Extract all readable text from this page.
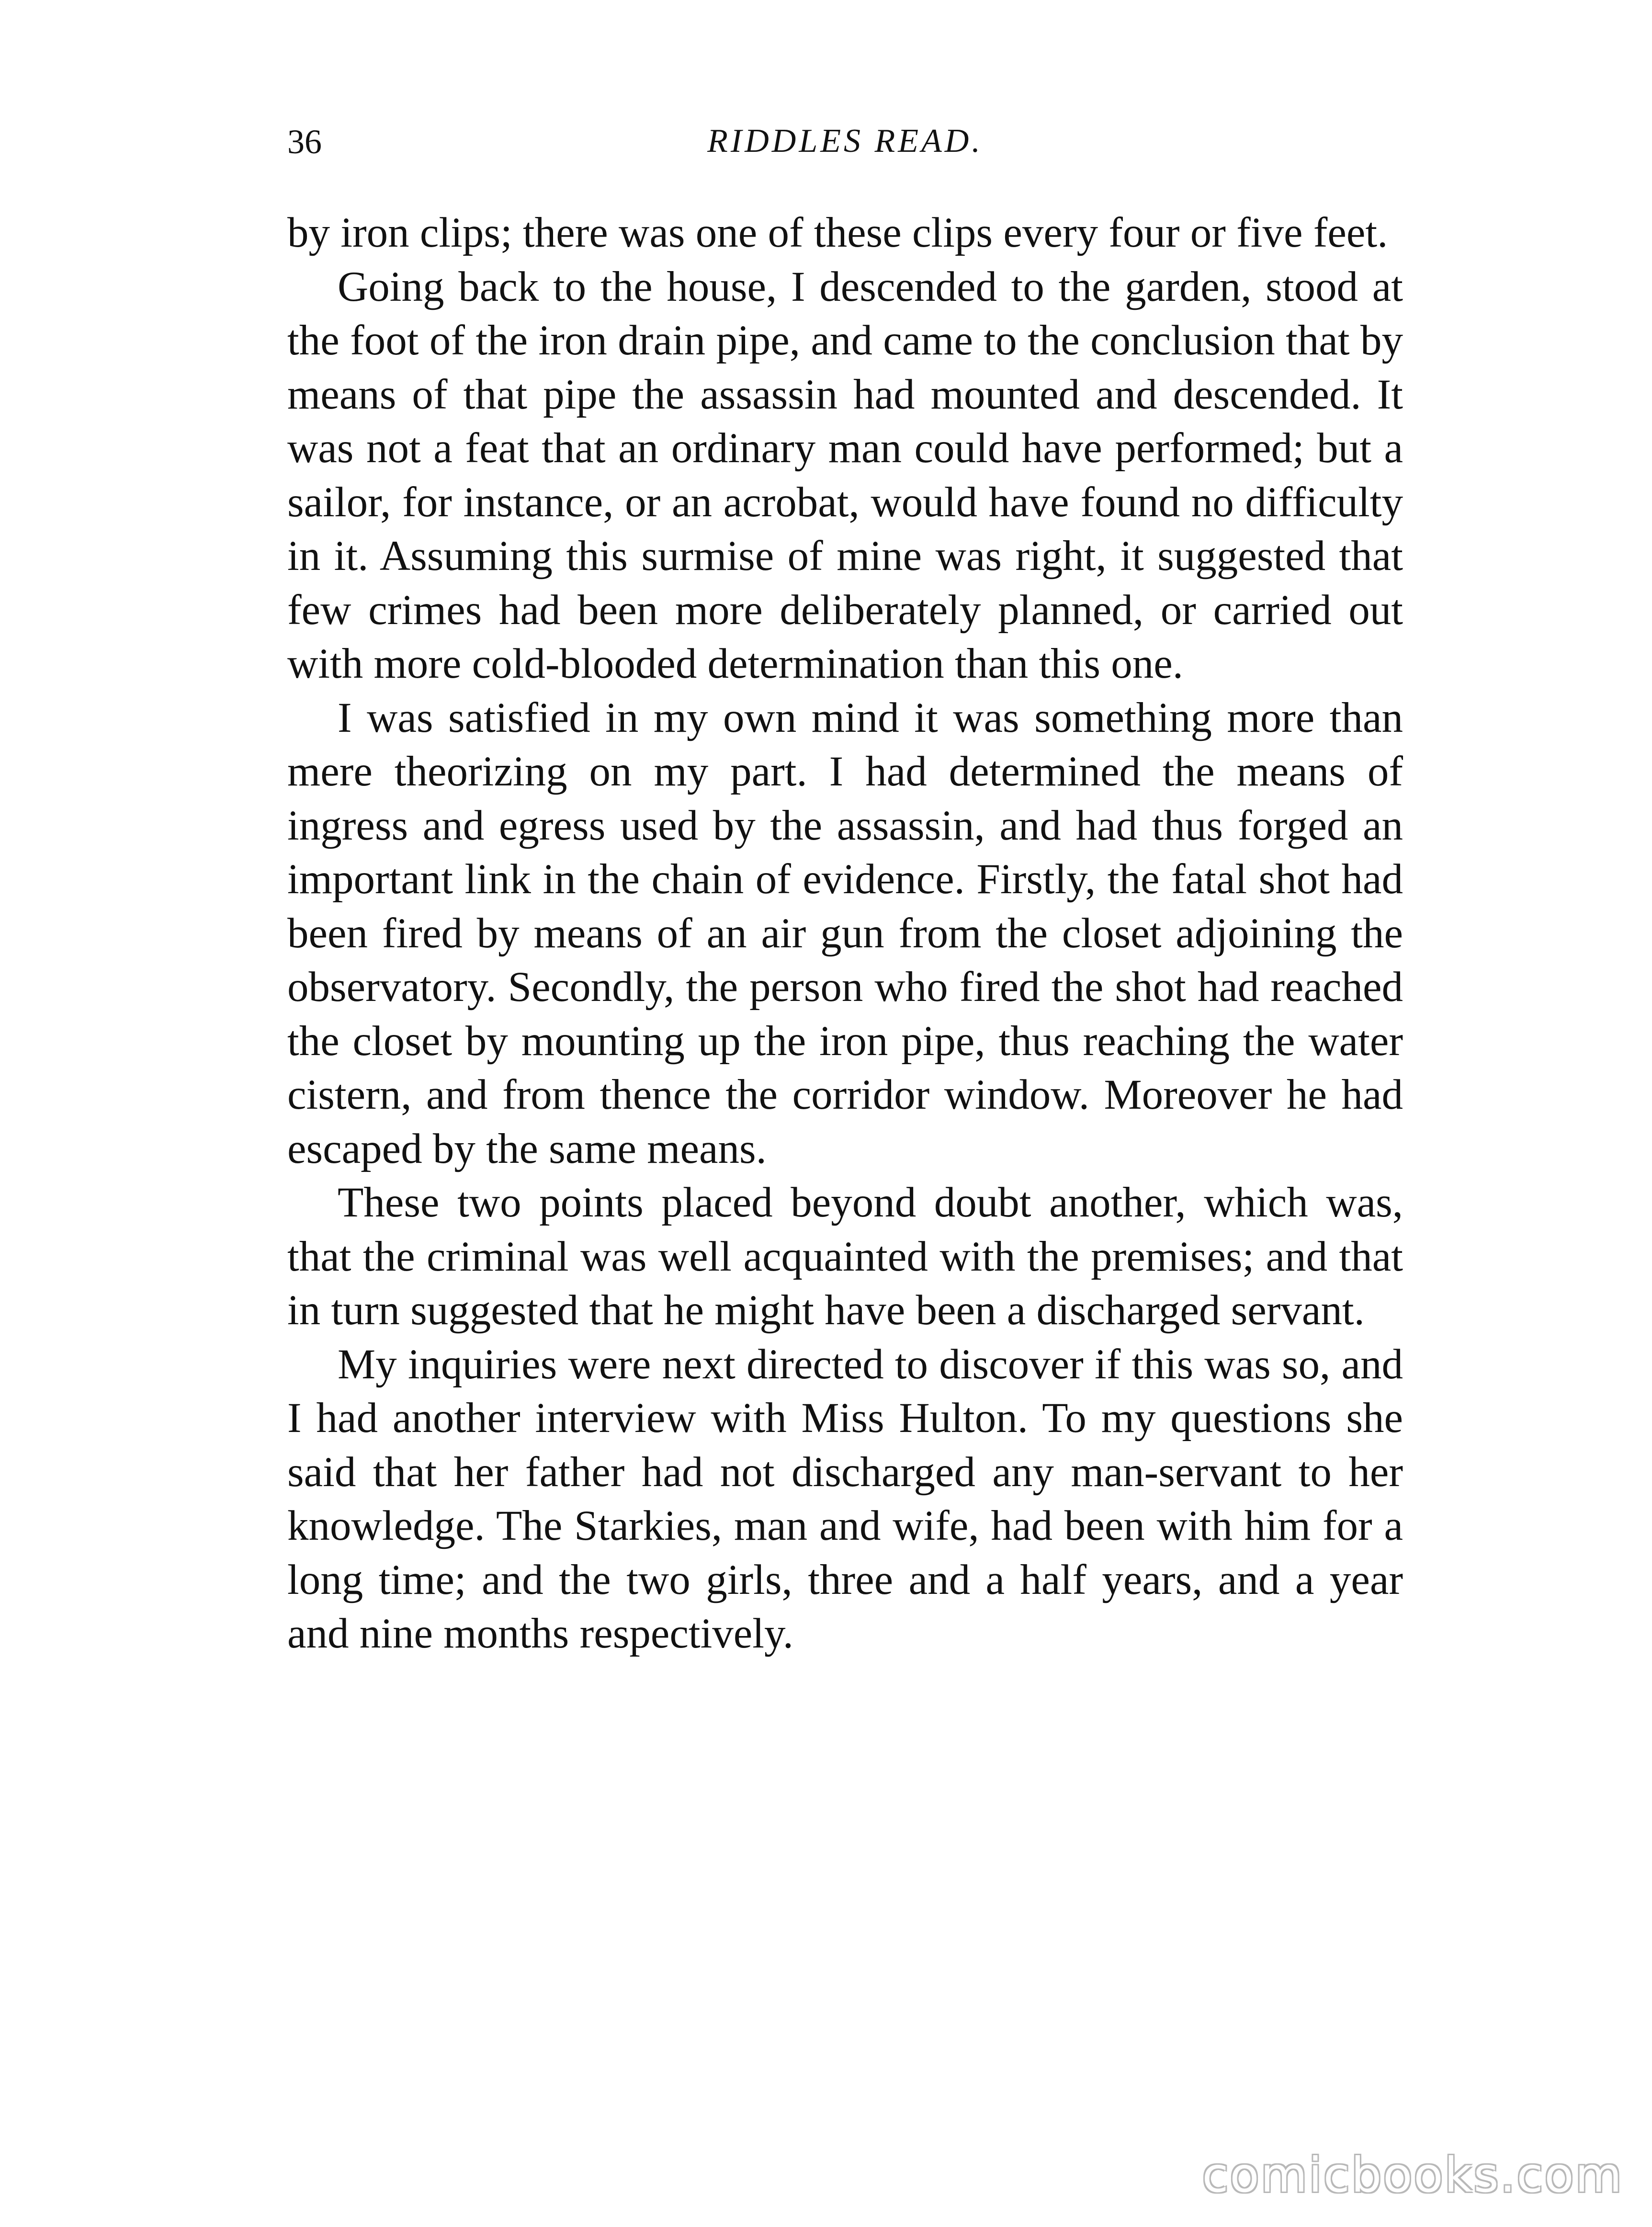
36	RIDDLES READ.

by iron clips; there was one of these clips every four or five feet.

Going back to the house, I descended to the garden, stood at the foot of the iron drain pipe, and came to the conclusion that by means of that pipe the assassin had mounted and descended. It was not a feat that an ordinary man could have performed; but a sailor, for instance, or an acrobat, would have found no difficulty in it. Assuming this surmise of mine was right, it suggested that few crimes had been more deliberately planned, or carried out with more cold-blooded determination than this one.

I was satisfied in my own mind it was something more than mere theorizing on my part. I had determined the means of ingress and egress used by the assassin, and had thus forged an important link in the chain of evidence. Firstly, the fatal shot had been fired by means of an air gun from the closet adjoining the observatory. Secondly, the person who fired the shot had reached the closet by mounting up the iron pipe, thus reaching the water cistern, and from thence the corridor window. Moreover he had escaped by the same means.

These two points placed beyond doubt another, which was, that the criminal was well acquainted with the premises; and that in turn suggested that he might have been a discharged servant.

My inquiries were next directed to discover if this was so, and I had another interview with Miss Hulton. To my questions she said that her father had not discharged any man-servant to her knowledge. The Starkies, man and wife, had been with him for a long time; and the two girls, three and a half years, and a year and nine months respectively.

comicbooks.com
